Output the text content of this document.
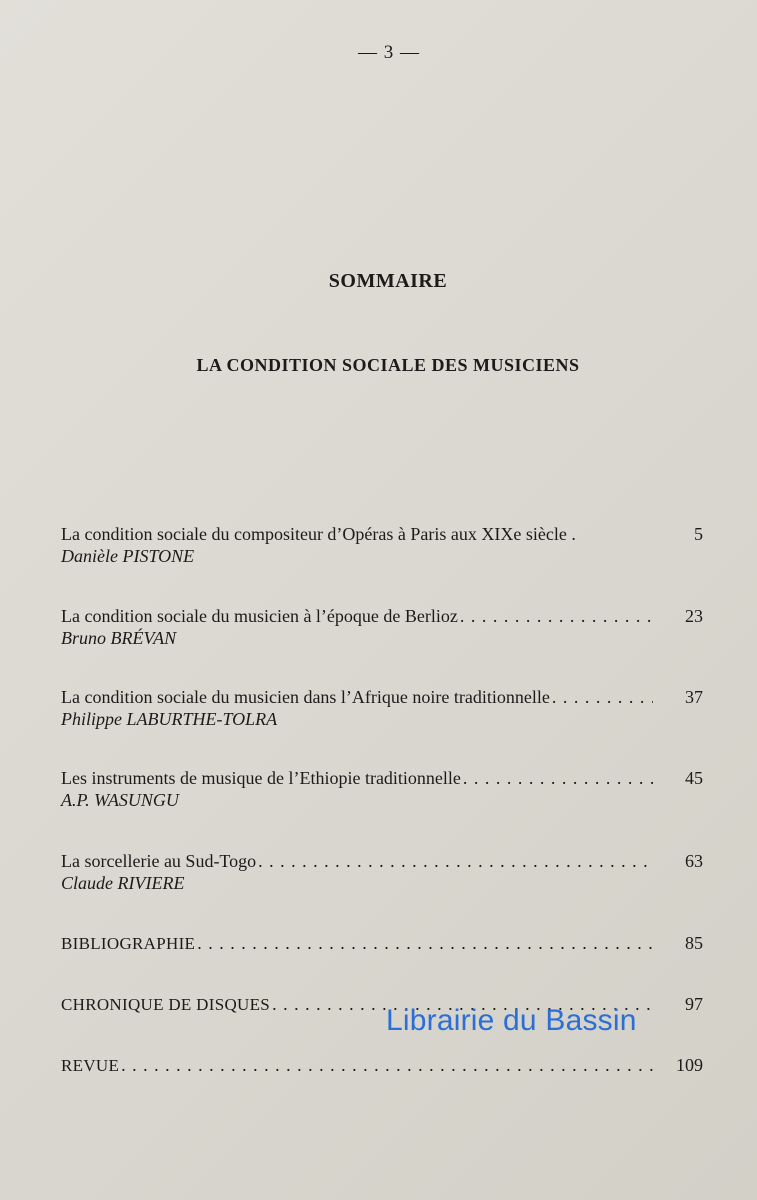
— 3 —
SOMMAIRE
LA CONDITION SOCIALE DES MUSICIENS
La condition sociale du compositeur d’Opéras à Paris aux XIXe siècle .	5
Danièle PISTONE
La condition sociale du musicien à l’époque de Berlioz . . .	23
Bruno BRÉVAN
La condition sociale du musicien dans l’Afrique noire traditionnelle . . .	37
Philippe LABURTHE-TOLRA
Les instruments de musique de l’Ethiopie traditionnelle . . .	45
A.P. WASUNGU
La sorcellerie au Sud-Togo . . .	63
Claude RIVIERE
BIBLIOGRAPHIE . . .	85
CHRONIQUE DE DISQUES . . .	97
REVUE . . .	109
Librairie du Bassin
